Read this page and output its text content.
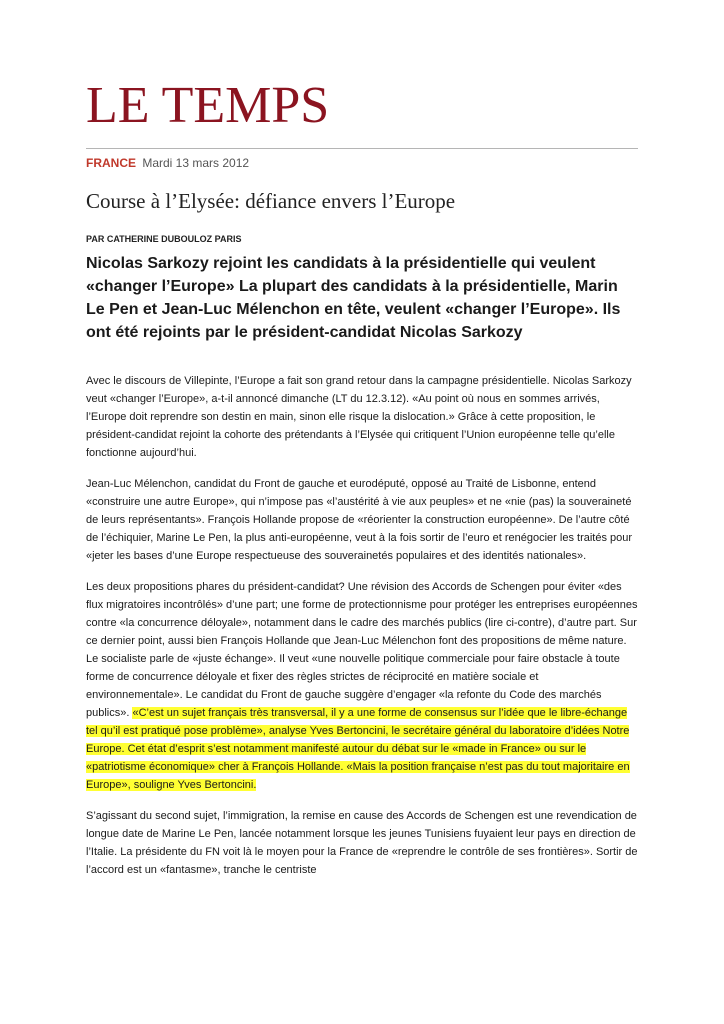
LE TEMPS
FRANCE Mardi 13 mars 2012
Course à l’Elysée: défiance envers l’Europe
PAR CATHERINE DUBOULOZ PARIS
Nicolas Sarkozy rejoint les candidats à la présidentielle qui veulent «changer l’Europe» La plupart des candidats à la présidentielle, Marin Le Pen et Jean-Luc Mélenchon en tête, veulent «changer l’Europe». Ils ont été rejoints par le président-candidat Nicolas Sarkozy

Avec le discours de Villepinte, l’Europe a fait son grand retour dans la campagne présidentielle. Nicolas Sarkozy veut «changer l’Europe», a-t-il annoncé dimanche (LT du 12.3.12). «Au point où nous en sommes arrivés, l’Europe doit reprendre son destin en main, sinon elle risque la dislocation.» Grâce à cette proposition, le président-candidat rejoint la cohorte des prétendants à l’Elysée qui critiquent l’Union européenne telle qu’elle fonctionne aujourd’hui.

Jean-Luc Mélenchon, candidat du Front de gauche et eurodéputé, opposé au Traité de Lisbonne, entend «construire une autre Europe», qui n’impose pas «l’austérité à vie aux peuples» et ne «nie (pas) la souveraineté de leurs représentants». François Hollande propose de «réorienter la construction européenne». De l’autre côté de l’échiquier, Marine Le Pen, la plus anti-européenne, veut à la fois sortir de l’euro et renégocier les traités pour «jeter les bases d’une Europe respectueuse des souverainetés populaires et des identités nationales».

Les deux propositions phares du président-candidat? Une révision des Accords de Schengen pour éviter «des flux migratoires incontrôlés» d’une part; une forme de protectionnisme pour protéger les entreprises européennes contre «la concurrence déloyale», notamment dans le cadre des marchés publics (lire ci-contre), d’autre part. Sur ce dernier point, aussi bien François Hollande que Jean-Luc Mélenchon font des propositions de même nature. Le socialiste parle de «juste échange». Il veut «une nouvelle politique commerciale pour faire obstacle à toute forme de concurrence déloyale et fixer des règles strictes de réciprocité en matière sociale et environnementale». Le candidat du Front de gauche suggère d’engager «la refonte du Code des marchés publics». «C’est un sujet français très transversal, il y a une forme de consensus sur l’idée que le libre-échange tel qu’il est pratiqué pose problème», analyse Yves Bertoncini, le secrétaire général du laboratoire d’idées Notre Europe. Cet état d’esprit s’est notamment manifesté autour du débat sur le «made in France» ou sur le «patriotisme économique» cher à François Hollande. «Mais la position française n’est pas du tout majoritaire en Europe», souligne Yves Bertoncini.

S’agissant du second sujet, l’immigration, la remise en cause des Accords de Schengen est une revendication de longue date de Marine Le Pen, lancée notamment lorsque les jeunes Tunisiens fuyaient leur pays en direction de l’Italie. La présidente du FN voit là le moyen pour la France de «reprendre le contrôle de ses frontières». Sortir de l’accord est un «fantasme», tranche le centriste
